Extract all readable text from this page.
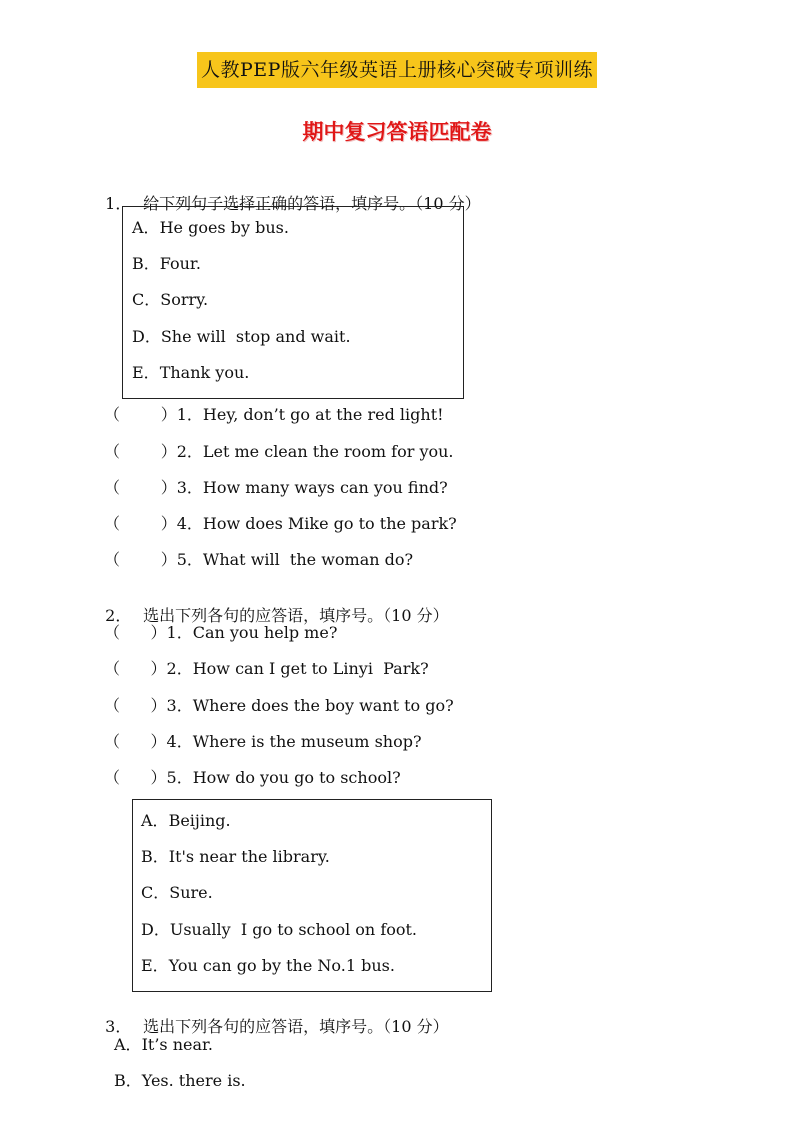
人教PEP版六年级英语上册核心突破专项训练
期中复习答语匹配卷

1． 给下列句子选择正确的答语，填序号。（10 分）

A．He goes by bus.
B．Four.
C．Sorry.
D．She will  stop and wait.
E．Thank you.
（        ）1．Hey, don’t go at the red light!
（        ）2．Let me clean the room for you.
（        ）3．How many ways can you find?
（        ）4．How does Mike go to the park?
（        ）5．What will  the woman do?

2． 选出下列各句的应答语，填序号。（10 分）

（      ）1．Can you help me?
（      ）2．How can I get to Linyi  Park?
（      ）3．Where does the boy want to go?
（      ）4．Where is the museum shop?
（      ）5．How do you go to school?
A．Beijing.
B．It's near the library.
C．Sure.
D．Usually  I go to school on foot.
E．You can go by the No.1 bus.

3． 选出下列各句的应答语，填序号。（10 分）

A．It’s near.
B．Yes. there is.
